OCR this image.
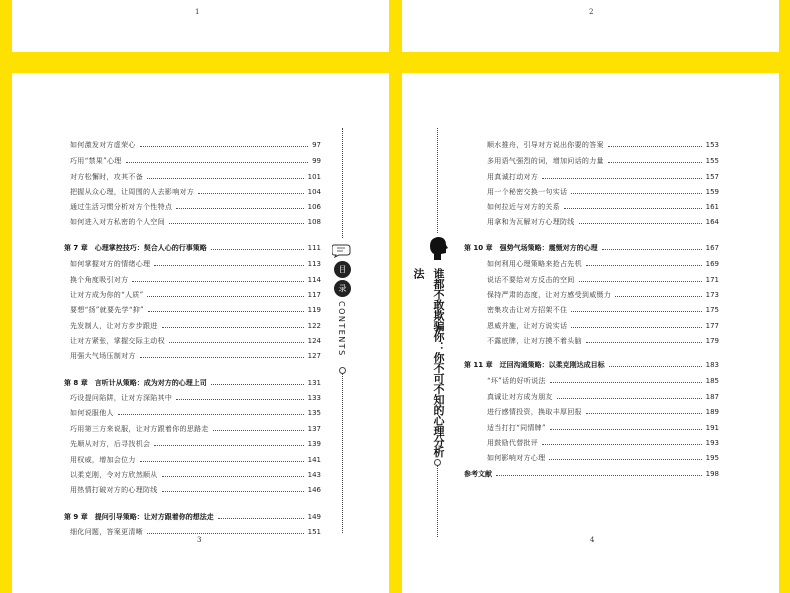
1	2
如何激发对方虚荣心	97
巧用“禁果”心理	99
对方松懈时，攻其不备	101
把握从众心理，让周围的人去影响对方	104
通过生活习惯分析对方个性特点	106
如何进入对方私密的个人空间	108
第 7 章　心理掌控技巧：契合人心的行事策略	111
如何掌握对方的情绪心理	113
换个角度吸引对方	114
让对方成为你的“人质”	117
要想“扬”就要先学“抑”	119
先发制人，让对方步步跟进	122
让对方紧张，掌握交际主动权	124
用强大气场压制对方	127
第 8 章　言听计从策略：成为对方的心理上司	131
巧设提问陷阱，让对方深陷其中	133
如何说服他人	135
巧用第三方来说服，让对方跟着你的思路走	137
先顺从对方，后寻找机会	139
用权威，增加会位力	141
以柔克刚，令对方欣然顺从	143
用热情打破对方的心理防线	146
第 9 章　提问引导策略：让对方跟着你的想法走	149
细化问题，答案更清晰	151
目
录
CONTENTS
3
顺水推舟，引导对方说出你要的答案	153
多用语气强烈的词，增加问话的力量	155
用真诚打动对方	157
用一个秘密交换一句实话	159
如何拉近与对方的关系	161
用拿和为瓦解对方心理防线	164
第 10 章　强势气场策略：震慑对方的心理	167
如何利用心理策略来抢占先机	169
说话不要给对方反击的空间	171
保持严肃的态度，让对方感受到威慑力	173
密集攻击让对方招架不住	175
恩威并施，让对方说实话	177
不露底牌，让对方摸不着头脑	179
第 11 章　迂回沟通策略：以柔克刚达成目标	183
“坏”话的好听说法	185
真诚让对方成为朋友	187
进行感情投资，换取丰厚回报	189
适当打打“同情牌”	191
用鼓励代替批评	193
如何影响对方心理	195
参考文献	198
谁都不敢欺骗你：你不可不知的心理分析法
4
